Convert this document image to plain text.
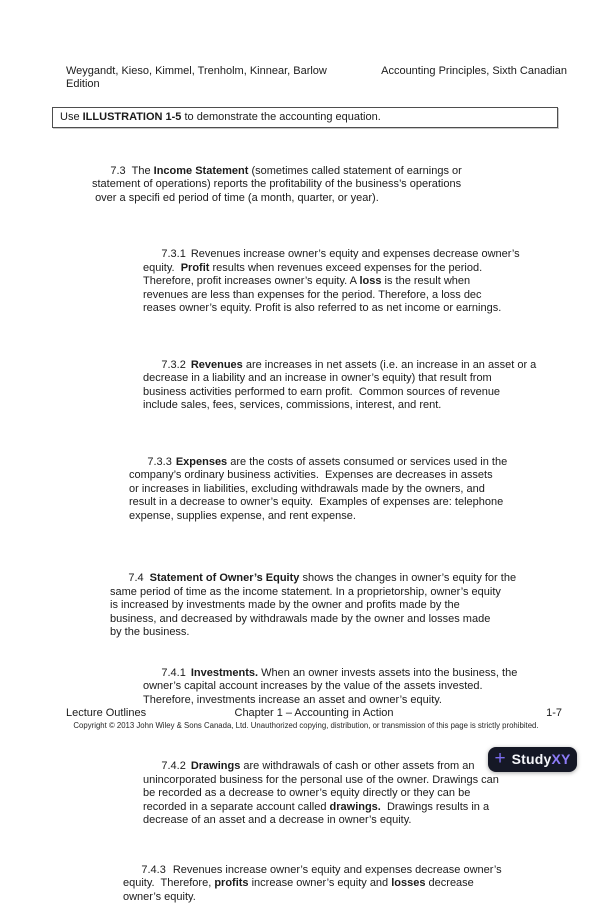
Weygandt, Kieso, Kimmel, Trenholm, Kinnear, Barlow
Edition
Accounting Principles, Sixth Canadian
Use ILLUSTRATION 1-5 to demonstrate the accounting equation.

7.3 The Income Statement (sometimes called statement of earnings or
statement of operations) reports the profitability of the business’s operations
over a specifi ed period of time (a month, quarter, or year).

7.3.1 Revenues increase owner’s equity and expenses decrease owner’s
equity.  Profit results when revenues exceed expenses for the period.
Therefore, profit increases owner’s equity. A loss is the result when
revenues are less than expenses for the period. Therefore, a loss dec
reases owner’s equity. Profit is also referred to as net income or earnings.

7.3.2 Revenues are increases in net assets (i.e. an increase in an asset or a
decrease in a liability and an increase in owner’s equity) that result from
business activities performed to earn profit.  Common sources of revenue
include sales, fees, services, commissions, interest, and rent.

7.3.3 Expenses are the costs of assets consumed or services used in the
company’s ordinary business activities.  Expenses are decreases in assets
or increases in liabilities, excluding withdrawals made by the owners, and
result in a decrease to owner’s equity.  Examples of expenses are: telephone
expense, supplies expense, and rent expense.

7.4 Statement of Owner’s Equity shows the changes in owner’s equity for the
same period of time as the income statement. In a proprietorship, owner’s equity
is increased by investments made by the owner and profits made by the
business, and decreased by withdrawals made by the owner and losses made
by the business.

7.4.1 Investments. When an owner invests assets into the business, the
owner’s capital account increases by the value of the assets invested.
Therefore, investments increase an asset and owner’s equity.

7.4.2 Drawings are withdrawals of cash or other assets from an
unincorporated business for the personal use of the owner. Drawings can
be recorded as a decrease to owner’s equity directly or they can be
recorded in a separate account called drawings.  Drawings results in a
decrease of an asset and a decrease in owner’s equity.

7.4.3 Revenues increase owner’s equity and expenses decrease owner’s
equity.  Therefore, profits increase owner’s equity and losses decrease
owner’s equity.

Lecture Outlines	Chapter 1 – Accounting in Action	1-7
Copyright © 2013 John Wiley & Sons Canada, Ltd. Unauthorized copying, distribution, or transmission of this page is strictly prohibited.
+ StudyXY
